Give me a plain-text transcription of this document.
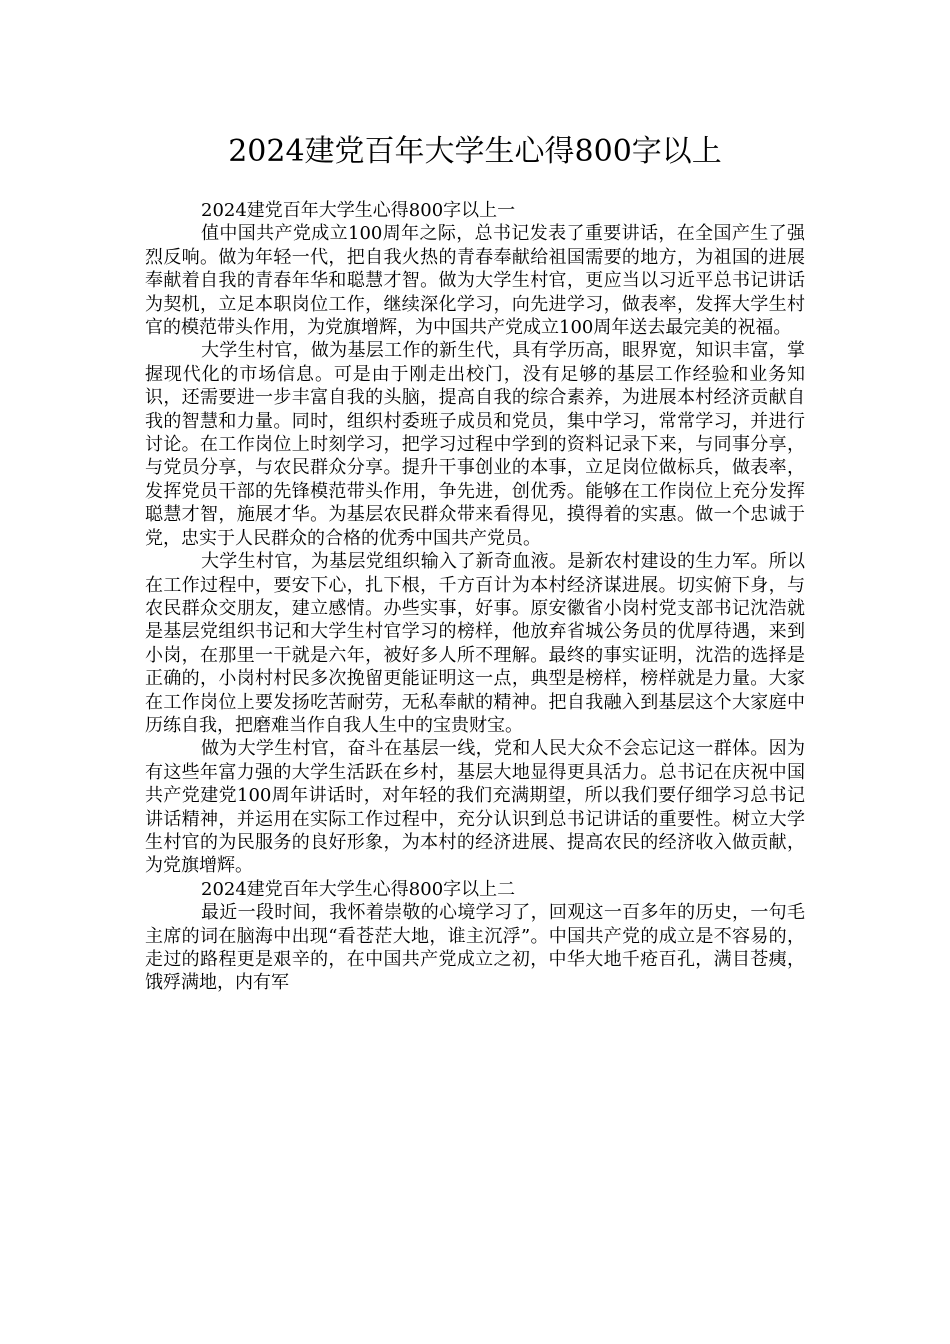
2024建党百年大学生心得800字以上

2024建党百年大学生心得800字以上一

值中国共产党成立100周年之际，总书记发表了重要讲话，在全国产生了强烈反响。做为年轻一代，把自我火热的青春奉献给祖国需要的地方，为祖国的进展奉献着自我的青春年华和聪慧才智。做为大学生村官，更应当以习近平总书记讲话为契机，立足本职岗位工作，继续深化学习，向先进学习，做表率，发挥大学生村官的模范带头作用，为党旗增辉，为中国共产党成立100周年送去最完美的祝福。

大学生村官，做为基层工作的新生代，具有学历高，眼界宽，知识丰富，掌握现代化的市场信息。可是由于刚走出校门，没有足够的基层工作经验和业务知识，还需要进一步丰富自我的头脑，提高自我的综合素养，为进展本村经济贡献自我的智慧和力量。同时，组织村委班子成员和党员，集中学习，常常学习，并进行讨论。在工作岗位上时刻学习，把学习过程中学到的资料记录下来，与同事分享，与党员分享，与农民群众分享。提升干事创业的本事，立足岗位做标兵，做表率，发挥党员干部的先锋模范带头作用，争先进，创优秀。能够在工作岗位上充分发挥聪慧才智，施展才华。为基层农民群众带来看得见，摸得着的实惠。做一个忠诚于党，忠实于人民群众的合格的优秀中国共产党员。

大学生村官，为基层党组织输入了新奇血液。是新农村建设的生力军。所以在工作过程中，要安下心，扎下根，千方百计为本村经济谋进展。切实俯下身，与农民群众交朋友，建立感情。办些实事，好事。原安徽省小岗村党支部书记沈浩就是基层党组织书记和大学生村官学习的榜样，他放弃省城公务员的优厚待遇，来到小岗，在那里一干就是六年，被好多人所不理解。最终的事实证明，沈浩的选择是正确的，小岗村村民多次挽留更能证明这一点，典型是榜样，榜样就是力量。大家在工作岗位上要发扬吃苦耐劳，无私奉献的精神。把自我融入到基层这个大家庭中历练自我，把磨难当作自我人生中的宝贵财宝。

做为大学生村官，奋斗在基层一线，党和人民大众不会忘记这一群体。因为有这些年富力强的大学生活跃在乡村，基层大地显得更具活力。总书记在庆祝中国共产党建党100周年讲话时，对年轻的我们充满期望，所以我们要仔细学习总书记讲话精神，并运用在实际工作过程中，充分认识到总书记讲话的重要性。树立大学生村官的为民服务的良好形象，为本村的经济进展、提高农民的经济收入做贡献，为党旗增辉。

2024建党百年大学生心得800字以上二

最近一段时间，我怀着崇敬的心境学习了，回观这一百多年的历史，一句毛主席的词在脑海中出现“看苍茫大地，谁主沉浮”。中国共产党的成立是不容易的，走过的路程更是艰辛的，在中国共产党成立之初，中华大地千疮百孔，满目苍痍，饿殍满地，内有军
